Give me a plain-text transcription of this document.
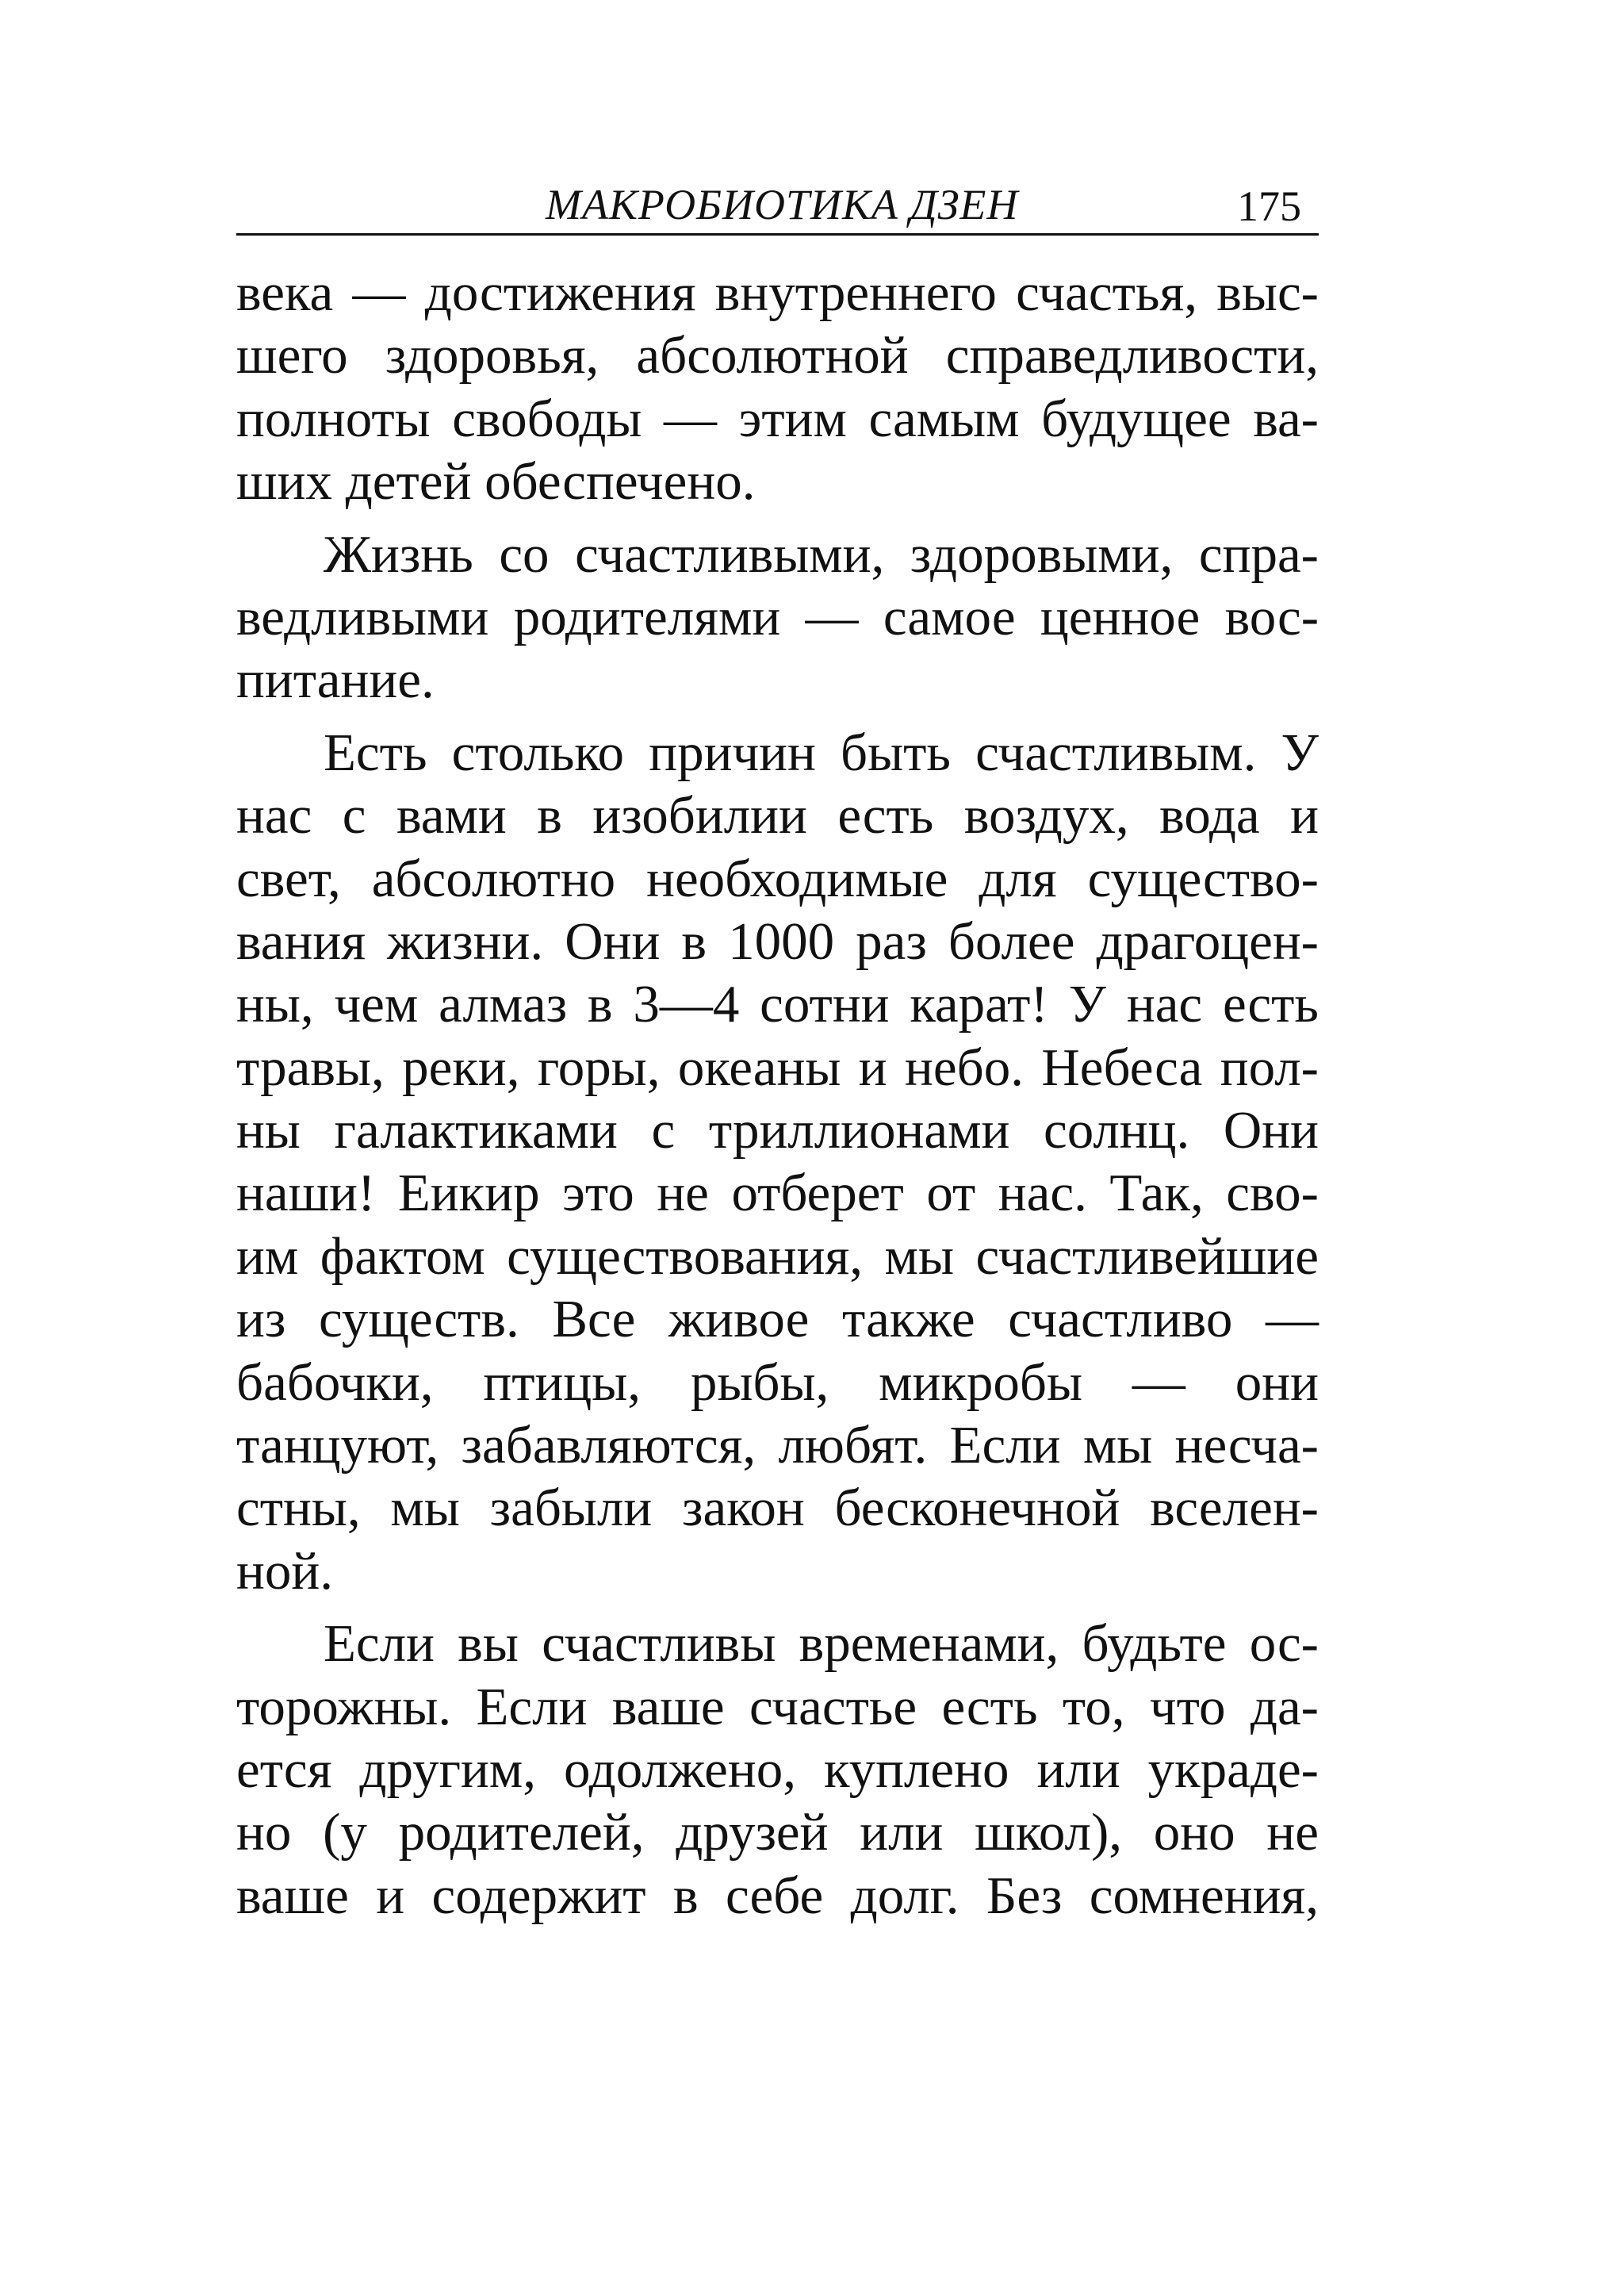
МАКРОБИОТИКА ДЗЕН	175
века — достижения внутреннего счастья, выс-
шего здоровья, абсолютной справедливости,
полноты свободы — этим самым будущее ва-
ших детей обеспечено.
Жизнь со счастливыми, здоровыми, спра-
ведливыми родителями — самое ценное вос-
питание.
Есть столько причин быть счастливым. У
нас с вами в изобилии есть воздух, вода и
свет, абсолютно необходимые для существо-
вания жизни. Они в 1000 раз более драгоцен-
ны, чем алмаз в 3—4 сотни карат! У нас есть
травы, реки, горы, океаны и небо. Небеса пол-
ны галактиками с триллионами солнц. Они
наши! Еикир это не отберет от нас. Так, сво-
им фактом существования, мы счастливейшие
из существ. Все живое также счастливо —
бабочки, птицы, рыбы, микробы — они
танцуют, забавляются, любят. Если мы несча-
стны, мы забыли закон бесконечной вселен-
ной.
Если вы счастливы временами, будьте ос-
торожны. Если ваше счастье есть то, что да-
ется другим, одолжено, куплено или украде-
но (у родителей, друзей или школ), оно не
ваше и содержит в себе долг. Без сомнения,
